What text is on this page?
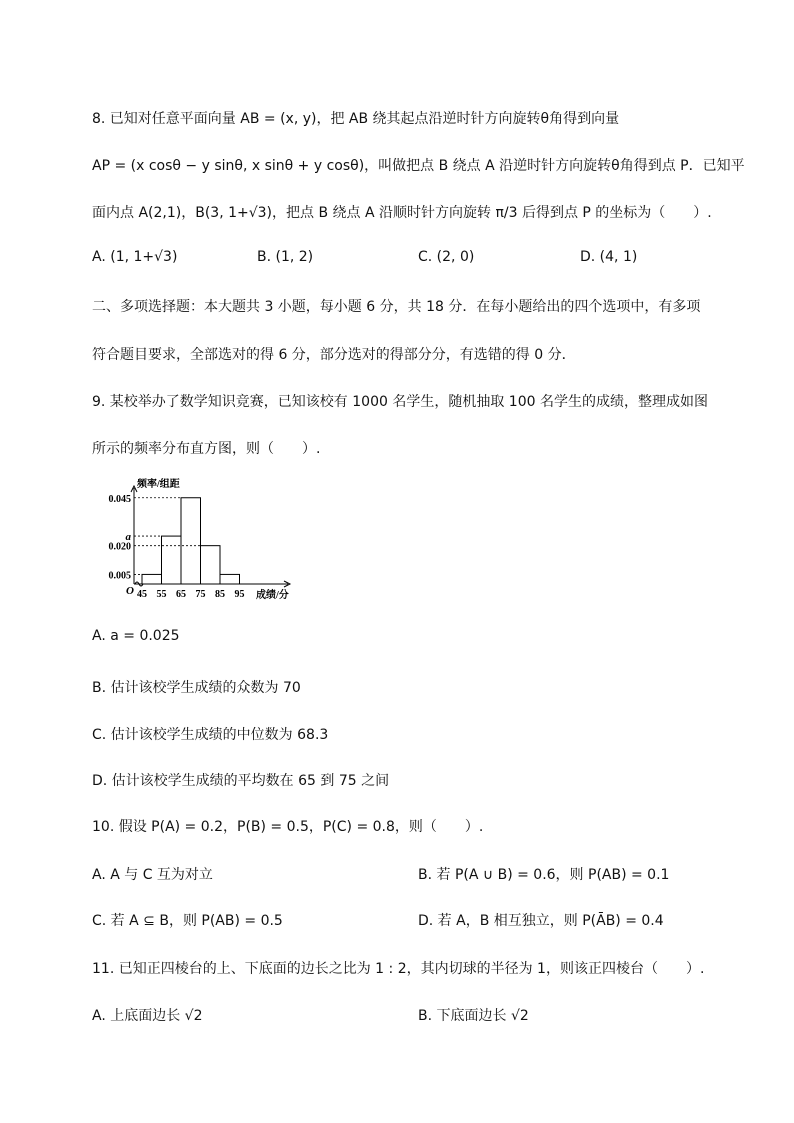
8. 已知对任意平面向量 AB = (x, y)，把 AB 绕其起点沿逆时针方向旋转θ角得到向量
AP = (x cosθ − y sinθ, x sinθ + y cosθ)，叫做把点 B 绕点 A 沿逆时针方向旋转θ角得到点 P．已知平
面内点 A(2,1)，B(3, 1+√3)，把点 B 绕点 A 沿顺时针方向旋转 π/3 后得到点 P 的坐标为（　　）.
A. (1, 1+√3)	B. (1, 2)	C. (2, 0)	D. (4, 1)
二、多项选择题：本大题共 3 小题，每小题 6 分，共 18 分．在每小题给出的四个选项中，有多项
符合题目要求，全部选对的得 6 分，部分选对的得部分分，有选错的得 0 分．
9. 某校举办了数学知识竞赛，已知该校有 1000 名学生，随机抽取 100 名学生的成绩，整理成如图
所示的频率分布直方图，则（　　）.
0.045
a
0.020
0.005
45 55 65 75 85 95
O
频率/组距
成绩/分
A. a = 0.025
B. 估计该校学生成绩的众数为 70
C. 估计该校学生成绩的中位数为 68.3
D. 估计该校学生成绩的平均数在 65 到 75 之间
10. 假设 P(A) = 0.2，P(B) = 0.5，P(C) = 0.8，则（　　）.
A. A 与 C 互为对立	B. 若 P(A ∪ B) = 0.6，则 P(AB) = 0.1
C. 若 A ⊆ B，则 P(AB) = 0.5	D. 若 A，B 相互独立，则 P(ĀB) = 0.4
11. 已知正四棱台的上、下底面的边长之比为 1 : 2，其内切球的半径为 1，则该正四棱台（　　）.
A. 上底面边长 √2	B. 下底面边长 √2
